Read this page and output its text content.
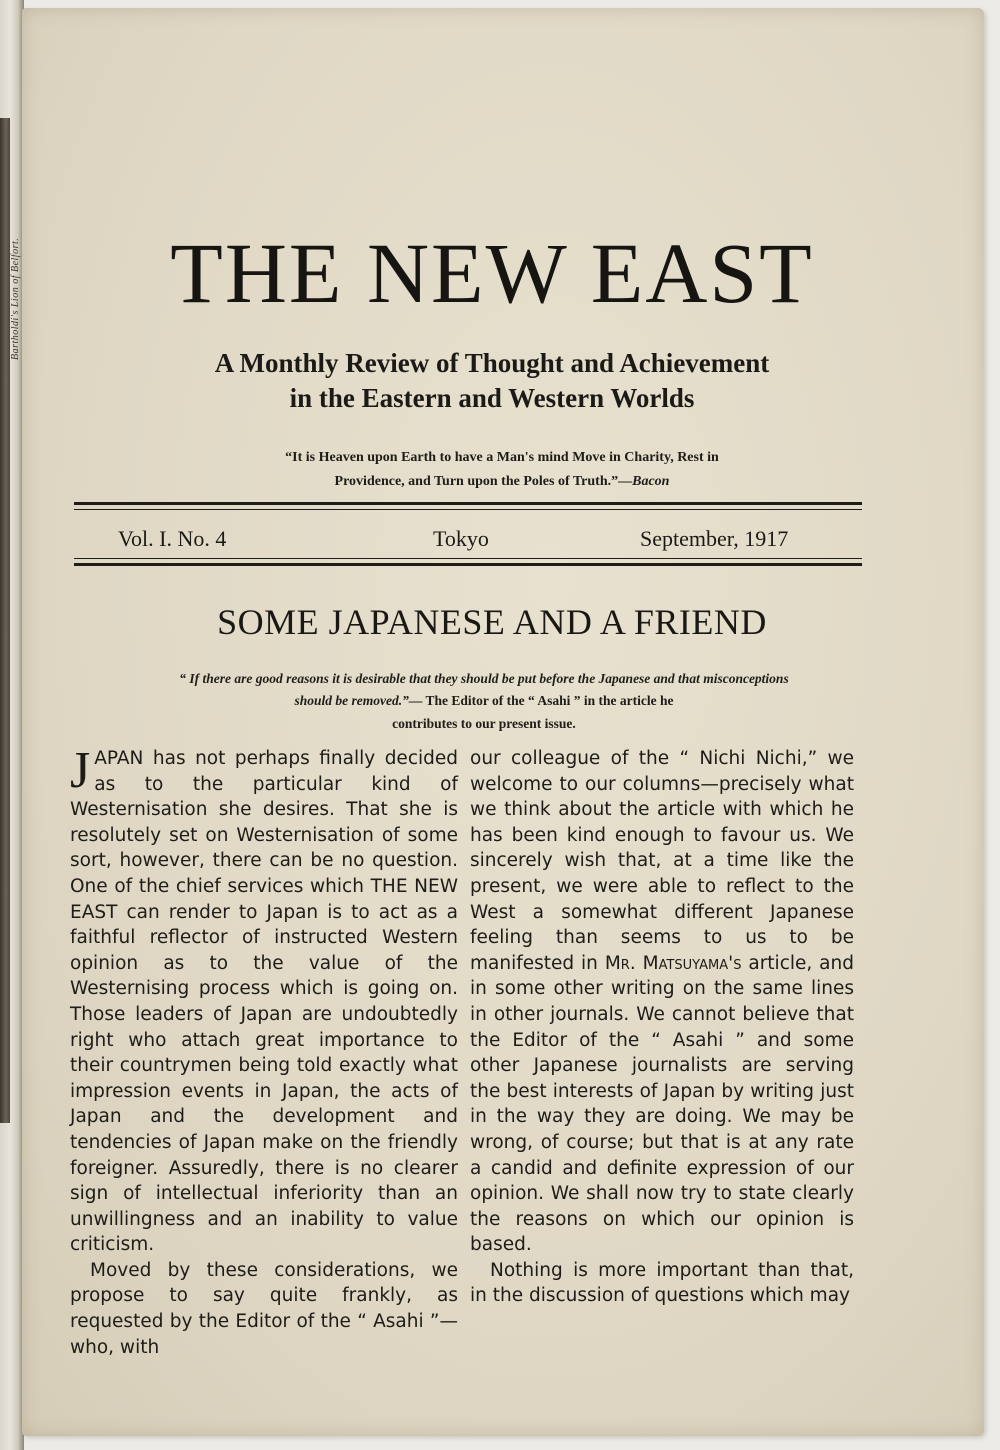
Bartholdi's Lion of Belfort.	THE NEW EAST
A Monthly Review of Thought and Achievement
in the Eastern and Western Worlds
“It is Heaven upon Earth to have a Man's mind Move in Charity, Rest in
Providence, and Turn upon the Poles of Truth.”—Bacon
Vol. I. No. 4	Tokyo	September, 1917
SOME JAPANESE AND A FRIEND
“ If there are good reasons it is desirable that they should be put before the Japanese and that misconceptions
should be removed.”— The Editor of the “ Asahi ” in the article he
contributes to our present issue.

JAPAN has not perhaps finally decided as to the particular kind of Westernisation she desires. That she is resolutely set on Westernisation of some sort, however, there can be no question. One of the chief services which THE NEW EAST can render to Japan is to act as a faithful reflector of instructed Western opinion as to the value of the Westernising process which is going on. Those leaders of Japan are undoubtedly right who attach great importance to their countrymen being told exactly what impression events in Japan, the acts of Japan and the development and tendencies of Japan make on the friendly foreigner. Assuredly, there is no clearer sign of intellectual inferiority than an unwillingness and an inability to value criticism.

Moved by these considerations, we propose to say quite frankly, as requested by the Editor of the “ Asahi ”—who, with

our colleague of the “ Nichi Nichi,” we welcome to our columns—precisely what we think about the article with which he has been kind enough to favour us. We sincerely wish that, at a time like the present, we were able to reflect to the West a somewhat different Japanese feeling than seems to us to be manifested in Mr. Matsuyama's article, and in some other writing on the same lines in other journals. We cannot believe that the Editor of the “ Asahi ” and some other Japanese journalists are serving the best interests of Japan by writing just in the way they are doing. We may be wrong, of course; but that is at any rate a candid and definite expression of our opinion. We shall now try to state clearly the reasons on which our opinion is based.

Nothing is more important than that, in the discussion of questions which may
